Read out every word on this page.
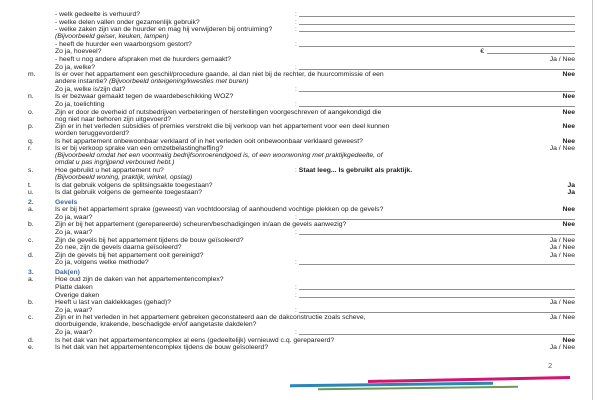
- welk gedeelte is verhuurd?	:
- welke delen vallen onder gezamenlijk gebruik?	:
- welke zaken zijn van de huurder en mag hij verwijderen bij ontruiming? (Bijvoorbeeld geiser, keuken, lampen)
:
- heeft de huurder een waarborgsom gestort?	:
Zo ja, hoeveel?	€
- heeft u nog andere afspraken met de huurders gemaakt?	Ja / Nee
Zo ja, welke?	:
m.	Is er over het appartement een geschil/procedure gaande, al dan niet bij de rechter, de huurcommissie of een andere instantie? (Bijvoorbeeld onteigening/kwesties met buren)
Nee
Zo ja, welke is/zijn dat?	:
n.	Is er bezwaar gemaakt tegen de waardebeschikking WOZ?	Nee
Zo ja, toelichting	:
o.	Zijn er door de overheid of nutsbedrijven verbeteringen of herstellingen voorgeschreven of aangekondigd die nog niet naar behoren zijn uitgevoerd?
Nee
p.	Zijn er in het verleden subsidies of premies verstrekt die bij verkoop van het appartement voor een deel kunnen worden teruggevorderd?
Nee
q.	Is het appartement onbewoonbaar verklaard of in het verleden ooit onbewoonbaar verklaard geweest?	Nee
r.	Is er bij verkoop sprake van een omzetbelastingheffing?
(Bijvoorbeeld omdat het een voormalig bedrijfsonroerendgoed is, of een woonwoning met praktijkgedeelte, of omdat u pas ingrijpend verbouwd hebt.)
Ja / Nee
s.	Hoe gebruikt u het appartement nu?
(Bijvoorbeeld woning, praktijk, winkel, opslag)
: Staat leeg... Is gebruikt als praktijk.
t.	Is dat gebruik volgens de splitsingsakte toegestaan?	Ja
u.	Is dat gebruik volgens de gemeente toegestaan?	Ja
2.	Gevels
a.	Is er bij het appartement sprake (geweest) van vochtdoorslag of aanhoudend vochtige plekken op de gevels?	Nee
Zo ja, waar?	:
b.	Zijn er bij het appartement (gerepareerde) scheuren/beschadigingen in/aan de gevels aanwezig?	Nee
Zo ja, waar?	:
c.	Zijn de gevels bij het appartement tijdens de bouw geïsoleerd?	Ja / Nee
Zo nee, zijn de gevels daarna geïsoleerd?	Ja / Nee
d.	Zijn de gevels bij het appartement ooit gereinigd?	Ja / Nee
Zo ja, volgens welke methode?	:
3.	Dak(en)
a.	Hoe oud zijn de daken van het appartementencomplex?
Platte daken	:
Overige daken	:
b.	Heeft u last van daklekkages (gehad)?	Ja / Nee
Zo ja, waar?	:
c.	Zijn er in het verleden in het appartement gebreken geconstateerd aan de dakconstructie zoals scheve, doorbuigende, krakende, beschadigde en/of aangetaste dakdelen?
Ja / Nee
Zo ja, waar?	:
d.	Is het dak van het appartementencomplex al eens (gedeeltelijk) vernieuwd c.q. gerepareerd?	Nee
e.	Is het dak van het appartementencomplex tijdens de bouw geïsoleerd?	Ja / Nee
2
